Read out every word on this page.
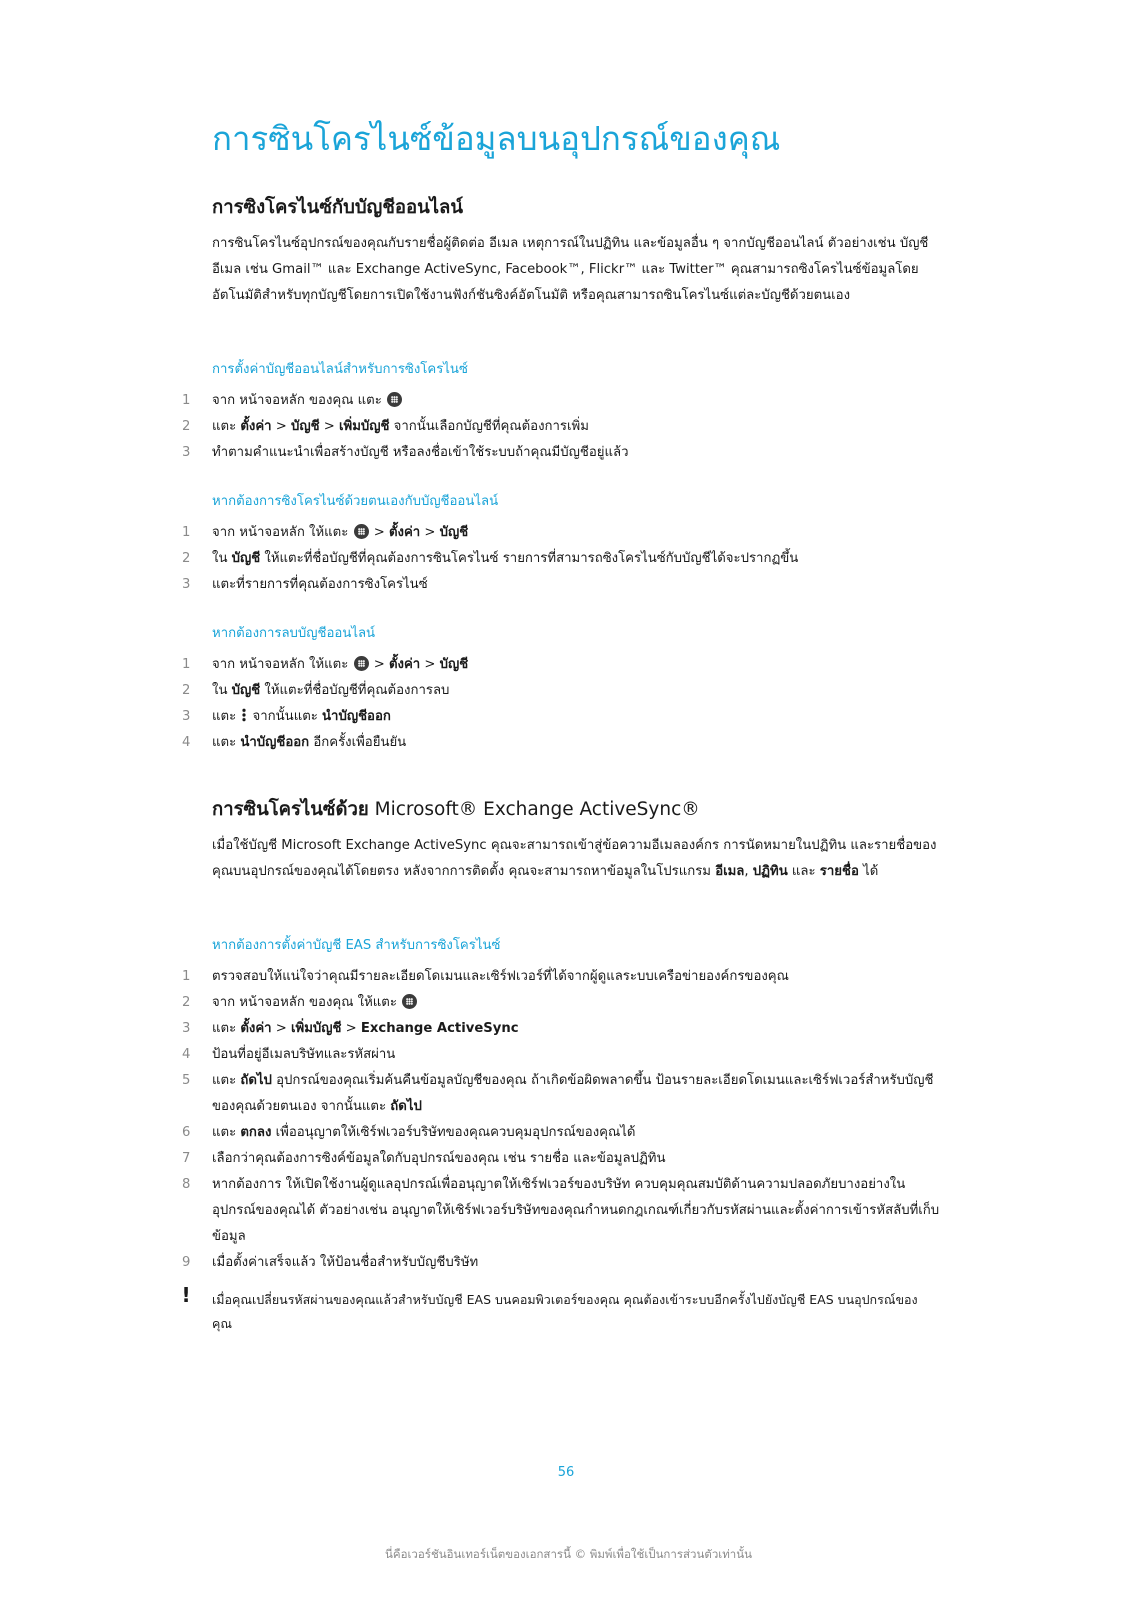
การซินโครไนซ์ข้อมูลบนอุปกรณ์ของคุณ
การซิงโครไนซ์กับบัญชีออนไลน์

การซินโครไนซ์อุปกรณ์ของคุณกับรายชื่อผู้ติดต่อ อีเมล เหตุการณ์ในปฏิทิน และข้อมูลอื่น ๆ จากบัญชีออนไลน์ ตัวอย่างเช่น บัญชีอีเมล เช่น Gmail™ และ Exchange ActiveSync, Facebook™, Flickr™ และ Twitter™ คุณสามารถซิงโครไนซ์ข้อมูลโดยอัตโนมัติสำหรับทุกบัญชีโดยการเปิดใช้งานฟังก์ชันซิงค์อัตโนมัติ หรือคุณสามารถซินโครไนซ์แต่ละบัญชีด้วยตนเอง

การตั้งค่าบัญชีออนไลน์สำหรับการซิงโครไนซ์

1	จาก หน้าจอหลัก ของคุณ แตะ
2	แตะ ตั้งค่า > บัญชี > เพิ่มบัญชี จากนั้นเลือกบัญชีที่คุณต้องการเพิ่ม
3	ทำตามคำแนะนำเพื่อสร้างบัญชี หรือลงชื่อเข้าใช้ระบบถ้าคุณมีบัญชีอยู่แล้ว

หากต้องการซิงโครไนซ์ด้วยตนเองกับบัญชีออนไลน์

1	จาก หน้าจอหลัก ให้แตะ  > ตั้งค่า > บัญชี
2	ใน บัญชี ให้แตะที่ชื่อบัญชีที่คุณต้องการซินโครไนซ์ รายการที่สามารถซิงโครไนซ์กับบัญชีได้จะปรากฏขึ้น
3	แตะที่รายการที่คุณต้องการซิงโครไนซ์

หากต้องการลบบัญชีออนไลน์

1	จาก หน้าจอหลัก ให้แตะ  > ตั้งค่า > บัญชี
2	ใน บัญชี ให้แตะที่ชื่อบัญชีที่คุณต้องการลบ
3	แตะ  จากนั้นแตะ นำบัญชีออก
4	แตะ นำบัญชีออก อีกครั้งเพื่อยืนยัน
การซินโครไนซ์ด้วย Microsoft® Exchange ActiveSync®

เมื่อใช้บัญชี Microsoft Exchange ActiveSync คุณจะสามารถเข้าสู่ข้อความอีเมลองค์กร การนัดหมายในปฏิทิน และรายชื่อของคุณบนอุปกรณ์ของคุณได้โดยตรง หลังจากการติดตั้ง คุณจะสามารถหาข้อมูลในโปรแกรม อีเมล, ปฏิทิน และ รายชื่อ ได้

หากต้องการตั้งค่าบัญชี EAS สำหรับการซิงโครไนซ์

1	ตรวจสอบให้แน่ใจว่าคุณมีรายละเอียดโดเมนและเซิร์ฟเวอร์ที่ได้จากผู้ดูแลระบบเครือข่ายองค์กรของคุณ
2	จาก หน้าจอหลัก ของคุณ ให้แตะ
3	แตะ ตั้งค่า > เพิ่มบัญชี > Exchange ActiveSync
4	ป้อนที่อยู่อีเมลบริษัทและรหัสผ่าน
5	แตะ ถัดไป อุปกรณ์ของคุณเริ่มค้นคืนข้อมูลบัญชีของคุณ ถ้าเกิดข้อผิดพลาดขึ้น ป้อนรายละเอียดโดเมนและเซิร์ฟเวอร์สำหรับบัญชีของคุณด้วยตนเอง จากนั้นแตะ ถัดไป
6	แตะ ตกลง เพื่ออนุญาตให้เซิร์ฟเวอร์บริษัทของคุณควบคุมอุปกรณ์ของคุณได้
7	เลือกว่าคุณต้องการซิงค์ข้อมูลใดกับอุปกรณ์ของคุณ เช่น รายชื่อ และข้อมูลปฏิทิน
8	หากต้องการ ให้เปิดใช้งานผู้ดูแลอุปกรณ์เพื่ออนุญาตให้เซิร์ฟเวอร์ของบริษัท ควบคุมคุณสมบัติด้านความปลอดภัยบางอย่างในอุปกรณ์ของคุณได้ ตัวอย่างเช่น อนุญาตให้เซิร์ฟเวอร์บริษัทของคุณกำหนดกฎเกณฑ์เกี่ยวกับรหัสผ่านและตั้งค่าการเข้ารหัสลับที่เก็บข้อมูล
9	เมื่อตั้งค่าเสร็จแล้ว ให้ป้อนชื่อสำหรับบัญชีบริษัท
! เมื่อคุณเปลี่ยนรหัสผ่านของคุณแล้วสำหรับบัญชี EAS บนคอมพิวเตอร์ของคุณ คุณต้องเข้าระบบอีกครั้งไปยังบัญชี EAS บนอุปกรณ์ของคุณ

56
นี่คือเวอร์ชันอินเทอร์เน็ตของเอกสารนี้ © พิมพ์เพื่อใช้เป็นการส่วนตัวเท่านั้น
